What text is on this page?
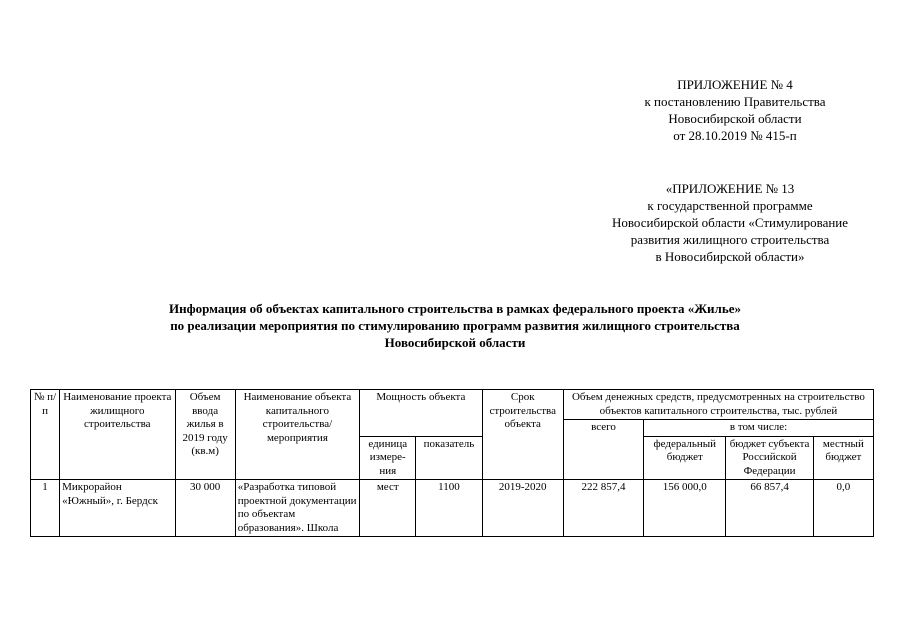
ПРИЛОЖЕНИЕ № 4
к постановлению Правительства
Новосибирской области
от 28.10.2019 № 415-п
«ПРИЛОЖЕНИЕ № 13
к государственной программе
Новосибирской области «Стимулирование
развития жилищного строительства
в Новосибирской области»
Информация об объектах капитального строительства в рамках федерального проекта «Жилье»
по реализации мероприятия по стимулированию программ развития жилищного строительства
Новосибирской области
№ п/п	Наименование проекта жилищного строительства	Объем ввода жилья в 2019 году (кв.м)	Наименование объекта капитального строительства/ мероприятия	Мощность объекта		Срок строительства объекта	Объем денежных средств, предусмотренных на строительство объектов капитального строительства, тыс. рублей			
							всего	в том числе:		
				единица измере-ния	показатель			федеральный бюджет	бюджет субъекта Российской Федерации	местный бюджет
1	Микрорайон «Южный», г. Бердск	30 000	«Разработка типовой проектной документации по объектам образования». Школа	мест	1100	2019-2020	222 857,4	156 000,0	66 857,4	0,0
